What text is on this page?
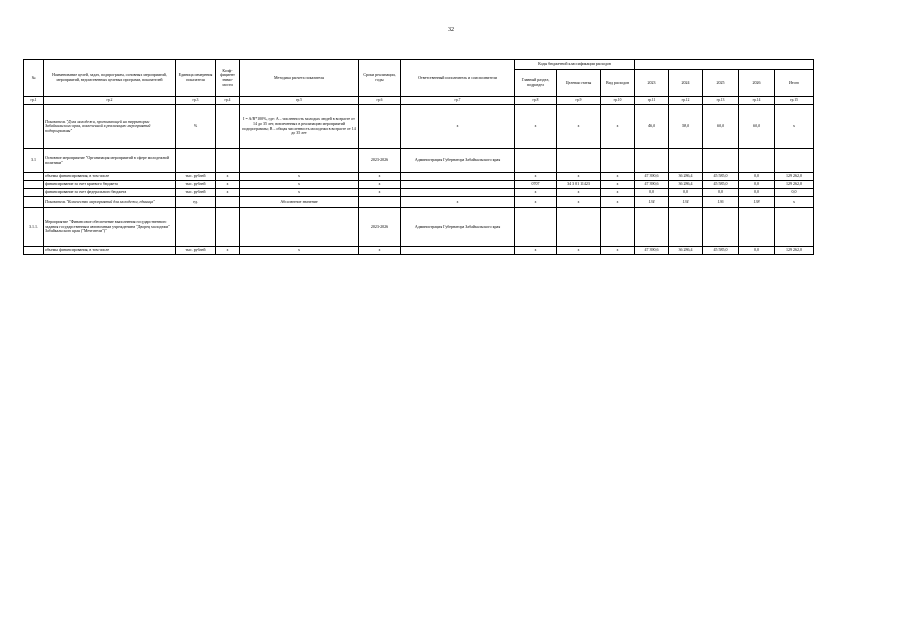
32
№	Наименование целей, задач, подпрограмм, основных мероприятий, мероприятий, ведомственных целевых программ, показателей	Единица измерения показателя	Коэф-фициент значи-мости	Методика расчета показателя	Сроки реализации, годы	Ответственный исполнитель и соисполнители	Коды бюджетной классификации расходов							
							Главный раздел, подраздел	Целевая статья	Вид расходов	2023	2024	2025	2026	Итого
гр.1	гр.2	гр.3	гр.4	гр.5	гр.6	гр.7	гр.8	гр.9	гр.10	гр.11	гр.12	гр.13	гр.14	гр.15
	Показатель "Доля молодежи, проживающей на территории Забайкальского края, вовлеченной в реализацию мероприятий подпрограммы"	%		I = A/B*100%, где: A – численность молодых людей в возрасте от 14 до 35 лет, вовлеченных в реализацию мероприятий подпрограммы; B – общая численность молодежи в возрасте от 14 до 35 лет		x	x	x	x	46,0	58,0	60,0	60,0	x
3.1	Основное мероприятие "Организация мероприятий в сфере молодежной политики"				2023-2026	Администрация Губернатора Забайкальского края								
	объемы финансирования, в том числе	тыс. рублей	x	x	x		x	x	x	47 390,6	36 286,4	45 585,0	0,0	129 262,0
	финансирование за счет краевого бюджета	тыс. рублей	x	x	x		0707	34 3 01 11423	x	47 390,6	36 286,4	45 585,0	0,0	129 262,0
	финансирование за счет федерального бюджета	тыс. рублей	x	x	x		x	x	x	0,0	0,0	0,0	0,0	0,0
	Показатель "Количество мероприятий для молодежи, единица"	ед.		Абсолютное значение		x	x	x	x	134	134	136	138	x
3.1.1.	Мероприятие "Финансовое обеспечение выполнения государственного задания государственным автономным учреждением "Дворец молодежи" Забайкальского края ("Мечтатели")"				2023-2026	Администрация Губернатора Забайкальского края								
	объемы финансирования, в том числе	тыс. рублей	x	x	x		x	x	x	47 390,6	36 286,4	45 585,0	0,0	129 262,0
